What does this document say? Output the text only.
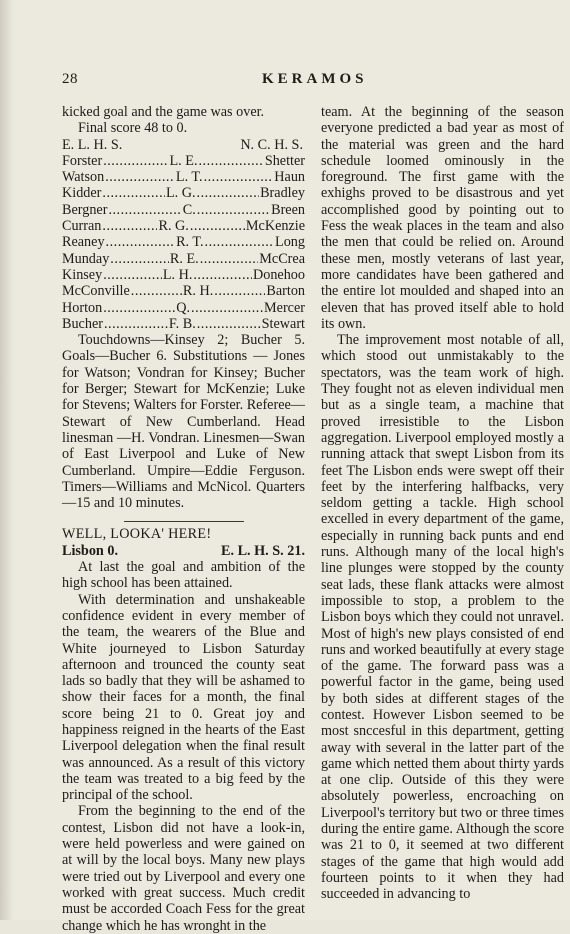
28	KERAMOS

kicked goal and the game was over.

Final score 48 to 0.

E. L. H. S.	N. C. H. S.
Forster .....	L. E. .....	Shetter
Watson .....	L. T. .....	Haun
Kidder .....	L. G. .....	Bradley
Bergner .....	C. .....	Breen
Curran .....	R. G. .....	McKenzie
Reaney .....	R. T. .....	Long
Munday .....	R. E. .....	McCrea
Kinsey .....	L. H. .....	Donehoo
McConville .....	R. H. .....	Barton
Horton .....	Q. .....	Mercer
Bucher .....	F. B. .....	Stewart

Touchdowns—Kinsey 2; Bucher 5. Goals—Bucher 6. Substitutions — Jones for Watson; Vondran for Kinsey; Bucher for Berger; Stewart for McKenzie; Luke for Stevens; Walters for Forster. Referee—Stewart of New Cumberland. Head linesman —H. Vondran. Linesmen—Swan of East Liverpool and Luke of New Cumberland. Umpire—Eddie Ferguson. Timers—Williams and McNicol. Quarters—15 and 10 minutes.

WELL, LOOKA' HERE!

Lisbon 0.	E. L. H. S. 21.

At last the goal and ambition of the high school has been attained.

With determination and unshakeable confidence evident in every member of the team, the wearers of the Blue and White journeyed to Lisbon Saturday afternoon and trounced the county seat lads so badly that they will be ashamed to show their faces for a month, the final score being 21 to 0. Great joy and happiness reigned in the hearts of the East Liverpool delegation when the final result was announced. As a result of this victory the team was treated to a big feed by the principal of the school.

From the beginning to the end of the contest, Lisbon did not have a look-in, were held powerless and were gained on at will by the local boys. Many new plays were tried out by Liverpool and every one worked with great success. Much credit must be accorded Coach Fess for the great change which he has wronght in the

team. At the beginning of the season everyone predicted a bad year as most of the material was green and the hard schedule loomed ominously in the foreground. The first game with the exhighs proved to be disastrous and yet accomplished good by pointing out to Fess the weak places in the team and also the men that could be relied on. Around these men, mostly veterans of last year, more candidates have been gathered and the entire lot moulded and shaped into an eleven that has proved itself able to hold its own.

The improvement most notable of all, which stood out unmistakably to the spectators, was the team work of high. They fought not as eleven individual men but as a single team, a machine that proved irresistible to the Lisbon aggregation. Liverpool employed mostly a running attack that swept Lisbon from its feet The Lisbon ends were swept off their feet by the interfering halfbacks, very seldom getting a tackle. High school excelled in every department of the game, especially in running back punts and end runs. Although many of the local high's line plunges were stopped by the county seat lads, these flank attacks were almost impossible to stop, a problem to the Lisbon boys which they could not unravel. Most of high's new plays consisted of end runs and worked beautifully at every stage of the game. The forward pass was a powerful factor in the game, being used by both sides at different stages of the contest. However Lisbon seemed to be most snccesful in this department, getting away with several in the latter part of the game which netted them about thirty yards at one clip. Outside of this they were absolutely powerless, encroaching on Liverpool's territory but two or three times during the entire game. Although the score was 21 to 0, it seemed at two different stages of the game that high would add fourteen points to it when they had succeeded in advancing to
